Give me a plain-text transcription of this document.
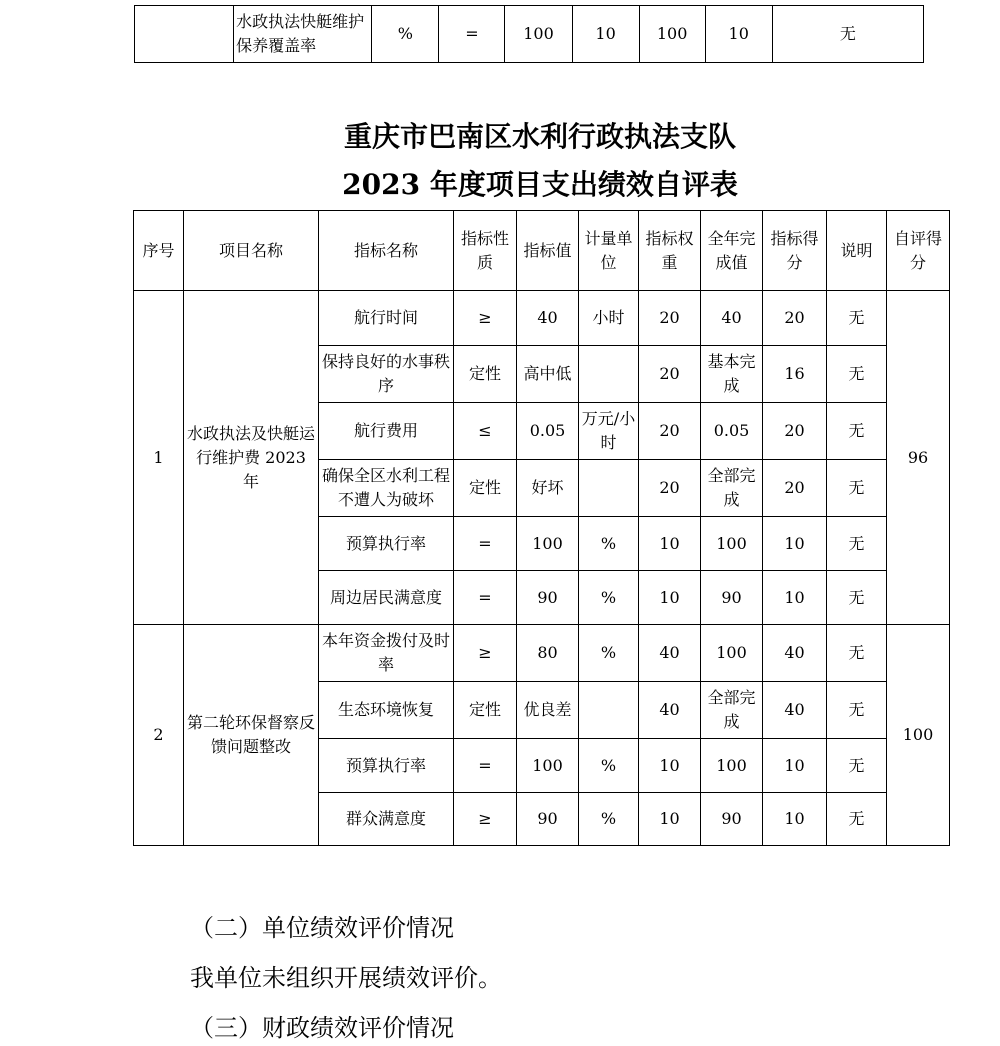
	水政执法快艇维护保养覆盖率	%	=	100	10	100	10	无
重庆市巴南区水利行政执法支队
2023 年度项目支出绩效自评表
序号	项目名称	指标名称	指标性质	指标值	计量单位	指标权重	全年完成值	指标得分	说明	自评得分
1	水政执法及快艇运行维护费 2023 年	航行时间	≥	40	小时	20	40	20	无	96
		保持良好的水事秩序	定性	高中低		20	基本完成	16	无	
		航行费用	≤	0.05	万元/小时	20	0.05	20	无	
		确保全区水利工程不遭人为破坏	定性	好坏		20	全部完成	20	无	
		预算执行率	=	100	%	10	100	10	无	
		周边居民满意度	=	90	%	10	90	10	无	
2	第二轮环保督察反馈问题整改	本年资金拨付及时率	≥	80	%	40	100	40	无	100
		生态环境恢复	定性	优良差		40	全部完成	40	无	
		预算执行率	=	100	%	10	100	10	无	
		群众满意度	≥	90	%	10	90	10	无	
（二）单位绩效评价情况
我单位未组织开展绩效评价。
（三）财政绩效评价情况
